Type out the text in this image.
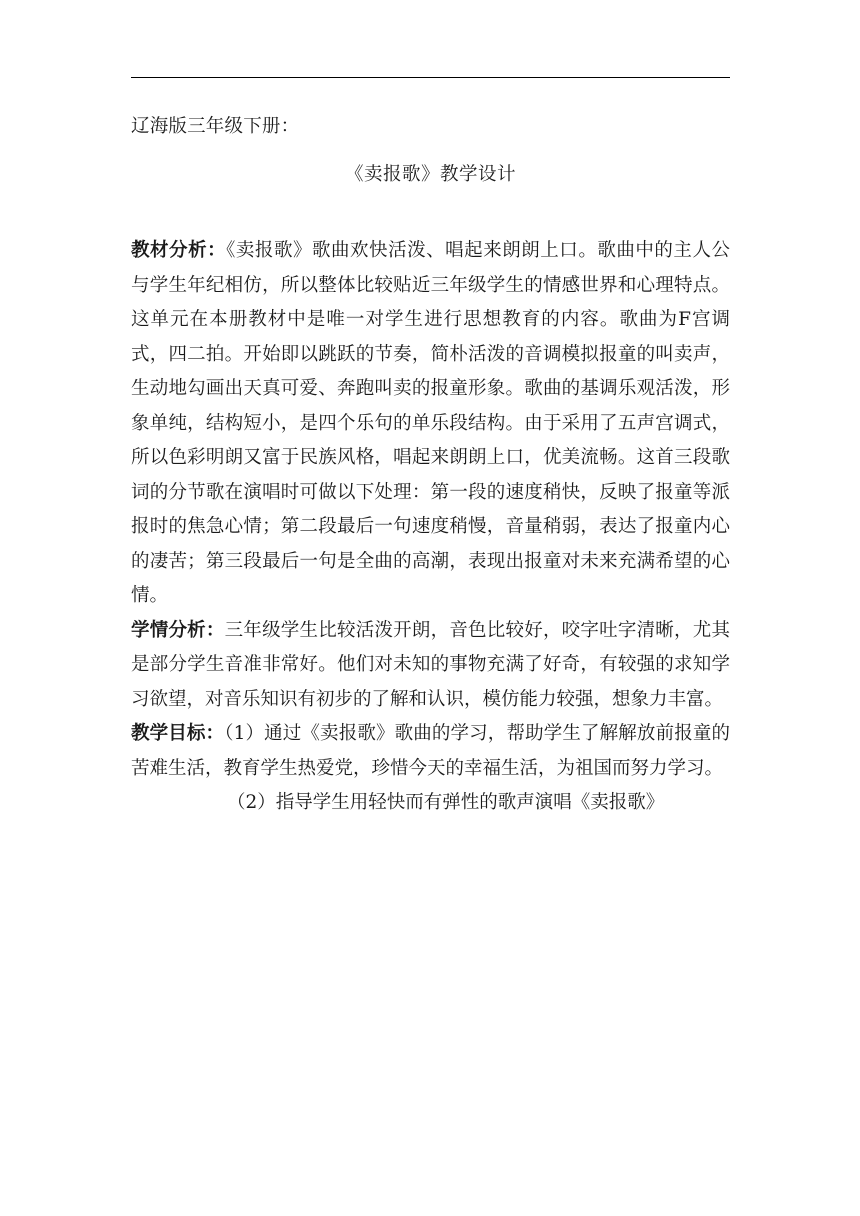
辽海版三年级下册：

《卖报歌》教学设计

教材分析：《卖报歌》歌曲欢快活泼、唱起来朗朗上口。歌曲中的主人公与学生年纪相仿，所以整体比较贴近三年级学生的情感世界和心理特点。这单元在本册教材中是唯一对学生进行思想教育的内容。歌曲为F宫调式，四二拍。开始即以跳跃的节奏，简朴活泼的音调模拟报童的叫卖声，生动地勾画出天真可爱、奔跑叫卖的报童形象。歌曲的基调乐观活泼，形象单纯，结构短小，是四个乐句的单乐段结构。由于采用了五声宫调式，所以色彩明朗又富于民族风格，唱起来朗朗上口，优美流畅。这首三段歌词的分节歌在演唱时可做以下处理：第一段的速度稍快，反映了报童等派报时的焦急心情；第二段最后一句速度稍慢，音量稍弱，表达了报童内心的凄苦；第三段最后一句是全曲的高潮，表现出报童对未来充满希望的心情。

学情分析：三年级学生比较活泼开朗，音色比较好，咬字吐字清晰，尤其是部分学生音准非常好。他们对未知的事物充满了好奇，有较强的求知学习欲望，对音乐知识有初步的了解和认识，模仿能力较强，想象力丰富。

教学目标：（1）通过《卖报歌》歌曲的学习，帮助学生了解解放前报童的苦难生活，教育学生热爱党，珍惜今天的幸福生活，为祖国而努力学习。

（2）指导学生用轻快而有弹性的歌声演唱《卖报歌》
